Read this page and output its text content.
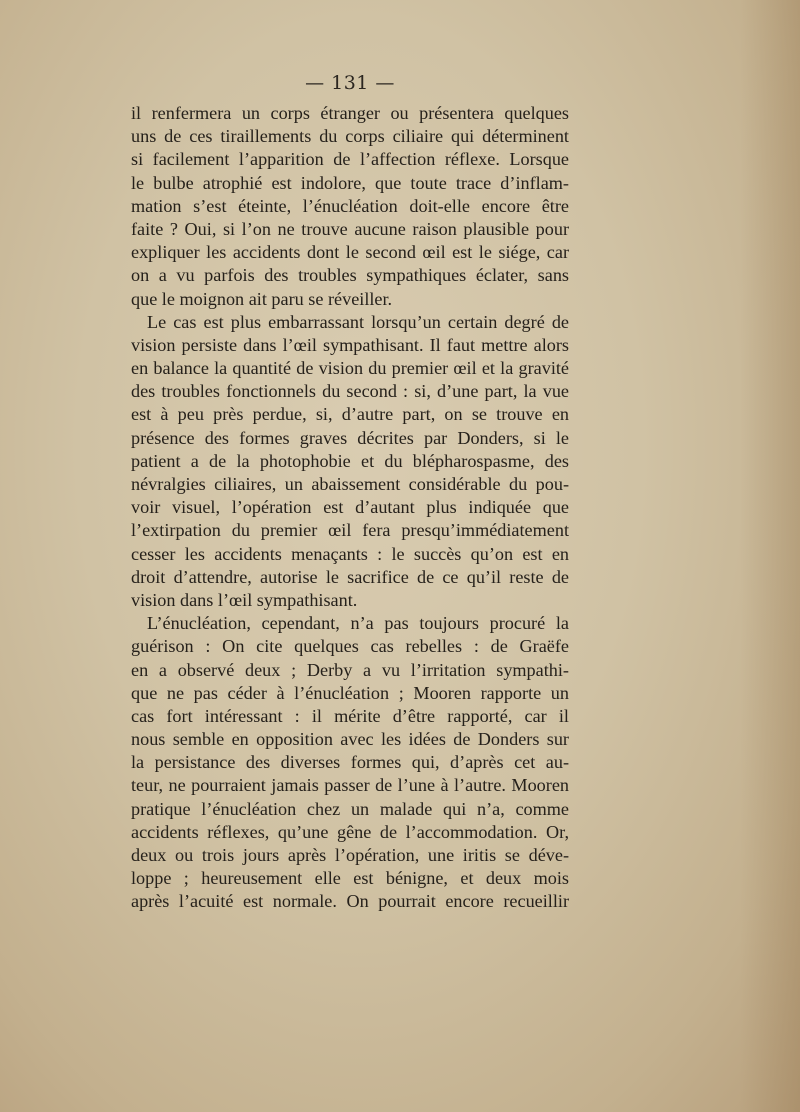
— 131 —
il renfermera un corps étranger ou présentera quelques
uns de ces tiraillements du corps ciliaire qui déterminent
si facilement l’apparition de l’affection réflexe. Lorsque
le bulbe atrophié est indolore, que toute trace d’inflam-
mation s’est éteinte, l’énucléation doit-elle encore être
faite ? Oui, si l’on ne trouve aucune raison plausible pour
expliquer les accidents dont le second œil est le siége, car
on a vu parfois des troubles sympathiques éclater, sans
que le moignon ait paru se réveiller.
Le cas est plus embarrassant lorsqu’un certain degré de
vision persiste dans l’œil sympathisant. Il faut mettre alors
en balance la quantité de vision du premier œil et la gravité
des troubles fonctionnels du second : si, d’une part, la vue
est à peu près perdue, si, d’autre part, on se trouve en
présence des formes graves décrites par Donders, si le
patient a de la photophobie et du blépharospasme, des
névralgies ciliaires, un abaissement considérable du pou-
voir visuel, l’opération est d’autant plus indiquée que
l’extirpation du premier œil fera presqu’immédiatement
cesser les accidents menaçants : le succès qu’on est en
droit d’attendre, autorise le sacrifice de ce qu’il reste de
vision dans l’œil sympathisant.
L’énucléation, cependant, n’a pas toujours procuré la
guérison : On cite quelques cas rebelles : de Graëfe
en a observé deux ; Derby a vu l’irritation sympathi-
que ne pas céder à l’énucléation ; Mooren rapporte un
cas fort intéressant : il mérite d’être rapporté, car il
nous semble en opposition avec les idées de Donders sur
la persistance des diverses formes qui, d’après cet au-
teur, ne pourraient jamais passer de l’une à l’autre. Mooren
pratique l’énucléation chez un malade qui n’a, comme
accidents réflexes, qu’une gêne de l’accommodation. Or,
deux ou trois jours après l’opération, une iritis se déve-
loppe ; heureusement elle est bénigne, et deux mois
après l’acuité est normale. On pourrait encore recueillir
